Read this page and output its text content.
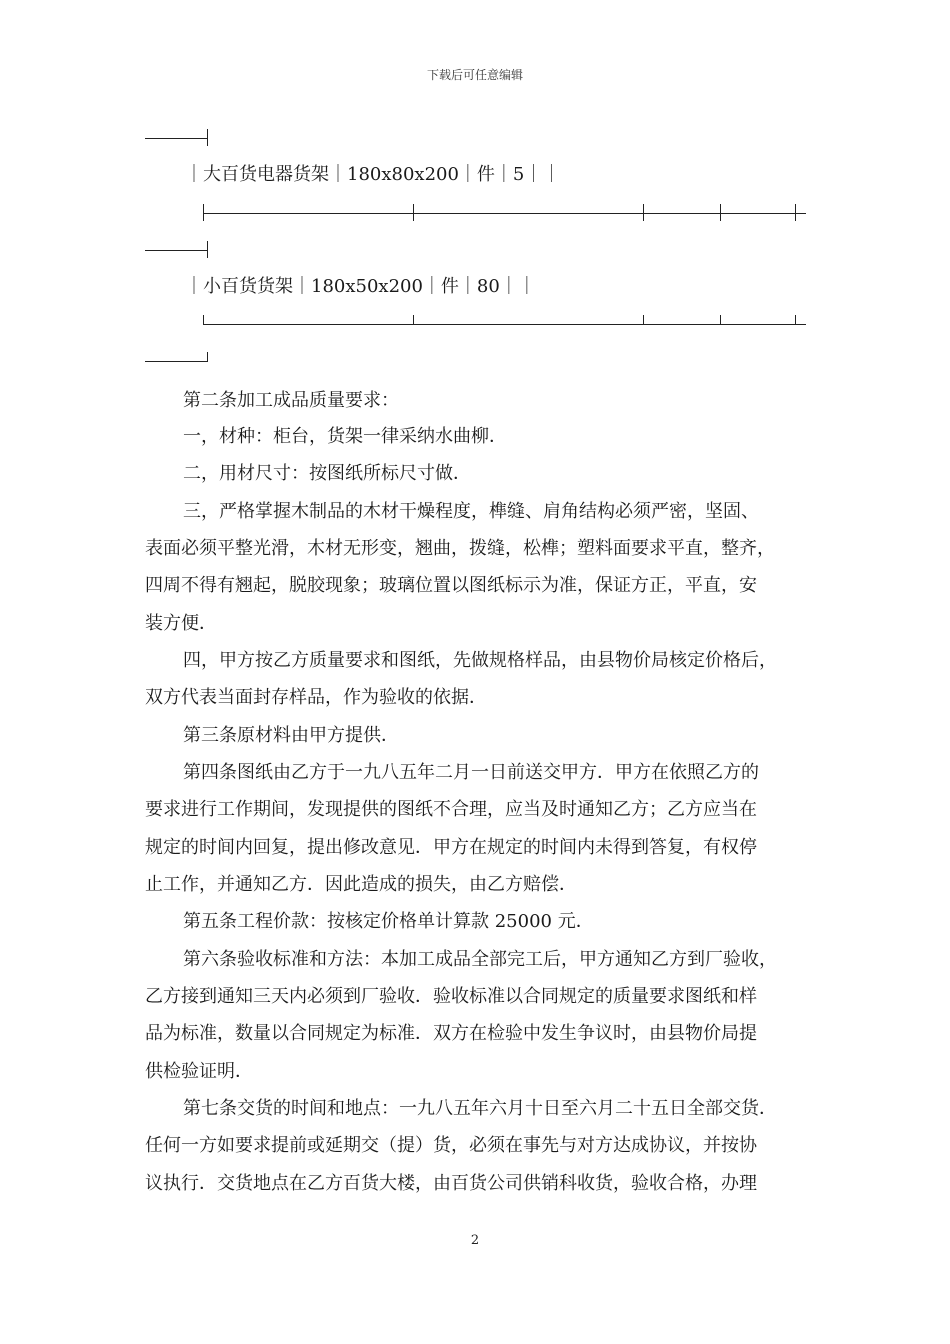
下载后可任意编辑
｜大百货电器货架｜180x80x200｜件｜5｜｜
｜小百货货架｜180x50x200｜件｜80｜｜
第二条加工成品质量要求：
一，材种：柜台，货架一律采纳水曲柳．
二，用材尺寸：按图纸所标尺寸做．
三，严格掌握木制品的木材干燥程度，榫缝、肩角结构必须严密，坚固、
表面必须平整光滑，木材无形变，翘曲，拨缝，松榫；塑料面要求平直，整齐，
四周不得有翘起，脱胶现象；玻璃位置以图纸标示为准，保证方正，平直，安
装方便．
四，甲方按乙方质量要求和图纸，先做规格样品，由县物价局核定价格后，
双方代表当面封存样品，作为验收的依据．
第三条原材料由甲方提供．
第四条图纸由乙方于一九八五年二月一日前送交甲方．甲方在依照乙方的
要求进行工作期间，发现提供的图纸不合理，应当及时通知乙方；乙方应当在
规定的时间内回复，提出修改意见．甲方在规定的时间内未得到答复，有权停
止工作，并通知乙方．因此造成的损失，由乙方赔偿．
第五条工程价款：按核定价格单计算款 25000 元．
第六条验收标准和方法：本加工成品全部完工后，甲方通知乙方到厂验收，
乙方接到通知三天内必须到厂验收．验收标准以合同规定的质量要求图纸和样
品为标准，数量以合同规定为标准．双方在检验中发生争议时，由县物价局提
供检验证明．
第七条交货的时间和地点：一九八五年六月十日至六月二十五日全部交货．
任何一方如要求提前或延期交（提）货，必须在事先与对方达成协议，并按协
议执行．交货地点在乙方百货大楼，由百货公司供销科收货，验收合格，办理
2
